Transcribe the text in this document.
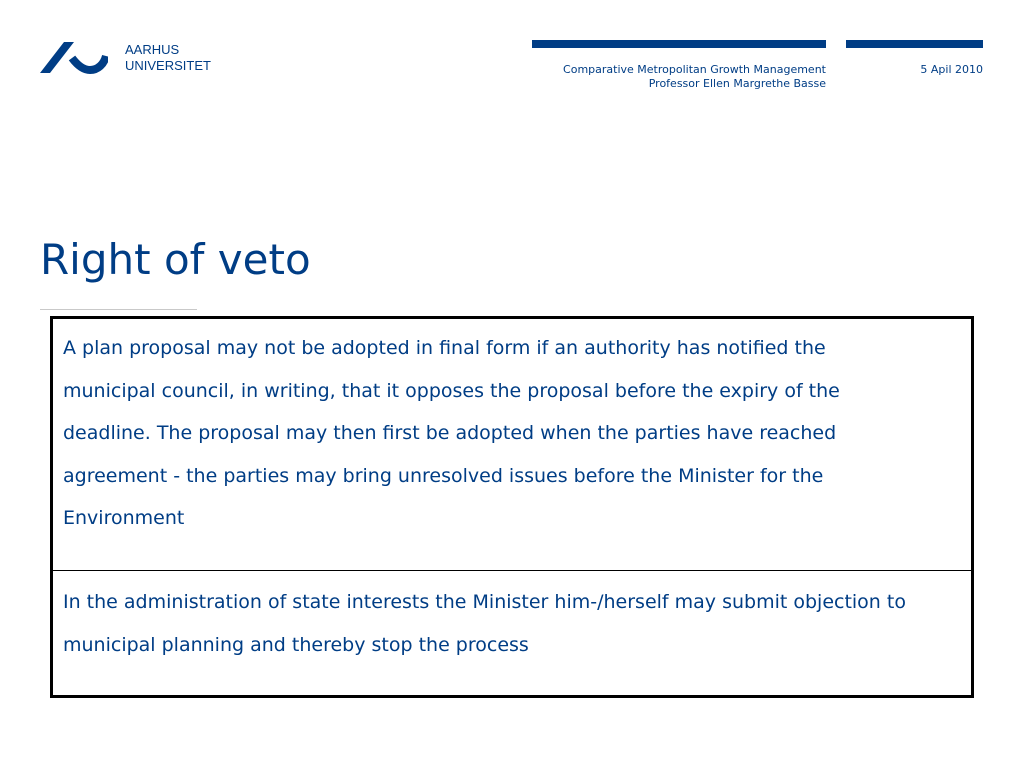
AARHUS
UNIVERSITET	Comparative Metropolitan Growth Management
Professor Ellen Margrethe Basse
5 Apil 2010
Right of veto
A plan proposal may not be adopted in final form if an authority has notified the
municipal council, in writing, that it opposes the proposal before the expiry of the
deadline. The proposal may then first be adopted when the parties have reached
agreement - the parties may bring unresolved issues before the Minister for the
Environment
In the administration of state interests the Minister him-/herself may submit objection to
municipal planning and thereby stop the process
